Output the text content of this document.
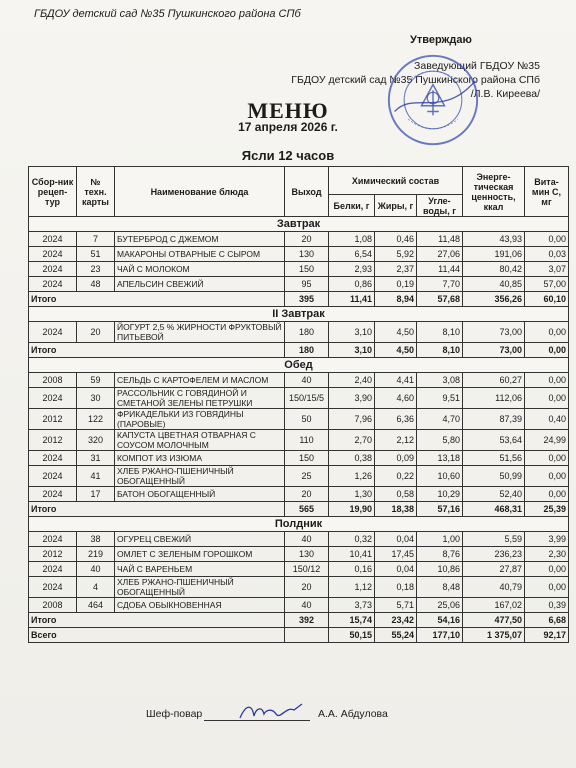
ГБДОУ детский сад №35 Пушкинского района СПб
Утверждаю
Заведующий ГБДОУ №35
ГБДОУ детский сад №35 Пушкинского района СПб
/Л.В. Киреева/
МЕНЮ
17 апреля 2026 г.
Ясли 12 часов
Сбор-ник рецеп-тур	№ техн. карты	Наименование блюда	Выход	Химический состав			Энерге-тическая ценность, ккал	Вита-мин С, мг
				Белки, г	Жиры, г	Угле-воды, г		
Завтрак								
2024	7	БУТЕРБРОД С ДЖЕМОМ	20	1,08	0,46	11,48	43,93	0,00
2024	51	МАКАРОНЫ ОТВАРНЫЕ С СЫРОМ	130	6,54	5,92	27,06	191,06	0,03
2024	23	ЧАЙ С МОЛОКОМ	150	2,93	2,37	11,44	80,42	3,07
2024	48	АПЕЛЬСИН СВЕЖИЙ	95	0,86	0,19	7,70	40,85	57,00
Итого			395	11,41	8,94	57,68	356,26	60,10
II Завтрак								
2024	20	ЙОГУРТ 2,5 % ЖИРНОСТИ ФРУКТОВЫЙ ПИТЬЕВОЙ	180	3,10	4,50	8,10	73,00	0,00
Итого			180	3,10	4,50	8,10	73,00	0,00
Обед								
2008	59	СЕЛЬДЬ С КАРТОФЕЛЕМ И МАСЛОМ	40	2,40	4,41	3,08	60,27	0,00
2024	30	РАССОЛЬНИК С ГОВЯДИНОЙ И СМЕТАНОЙ ЗЕЛЕНЫ ПЕТРУШКИ	150/15/5	3,90	4,60	9,51	112,06	0,00
2012	122	ФРИКАДЕЛЬКИ ИЗ ГОВЯДИНЫ (ПАРОВЫЕ)	50	7,96	6,36	4,70	87,39	0,40
2012	320	КАПУСТА ЦВЕТНАЯ ОТВАРНАЯ С СОУСОМ МОЛОЧНЫМ	110	2,70	2,12	5,80	53,64	24,99
2024	31	КОМПОТ ИЗ ИЗЮМА	150	0,38	0,09	13,18	51,56	0,00
2024	41	ХЛЕБ РЖАНО-ПШЕНИЧНЫЙ ОБОГАЩЕННЫЙ	25	1,26	0,22	10,60	50,99	0,00
2024	17	БАТОН ОБОГАЩЕННЫЙ	20	1,30	0,58	10,29	52,40	0,00
Итого			565	19,90	18,38	57,16	468,31	25,39
Полдник								
2024	38	ОГУРЕЦ СВЕЖИЙ	40	0,32	0,04	1,00	5,59	3,99
2012	219	ОМЛЕТ С ЗЕЛЕНЫМ ГОРОШКОМ	130	10,41	17,45	8,76	236,23	2,30
2024	40	ЧАЙ С ВАРЕНЬЕМ	150/12	0,16	0,04	10,86	27,87	0,00
2024	4	ХЛЕБ РЖАНО-ПШЕНИЧНЫЙ ОБОГАЩЕННЫЙ	20	1,12	0,18	8,48	40,79	0,00
2008	464	СДОБА ОБЫКНОВЕННАЯ	40	3,73	5,71	25,06	167,02	0,39
Итого			392	15,74	23,42	54,16	477,50	6,68
Всего				50,15	55,24	177,10	1 375,07	92,17
Шеф-повар	А.А. Абдулова
